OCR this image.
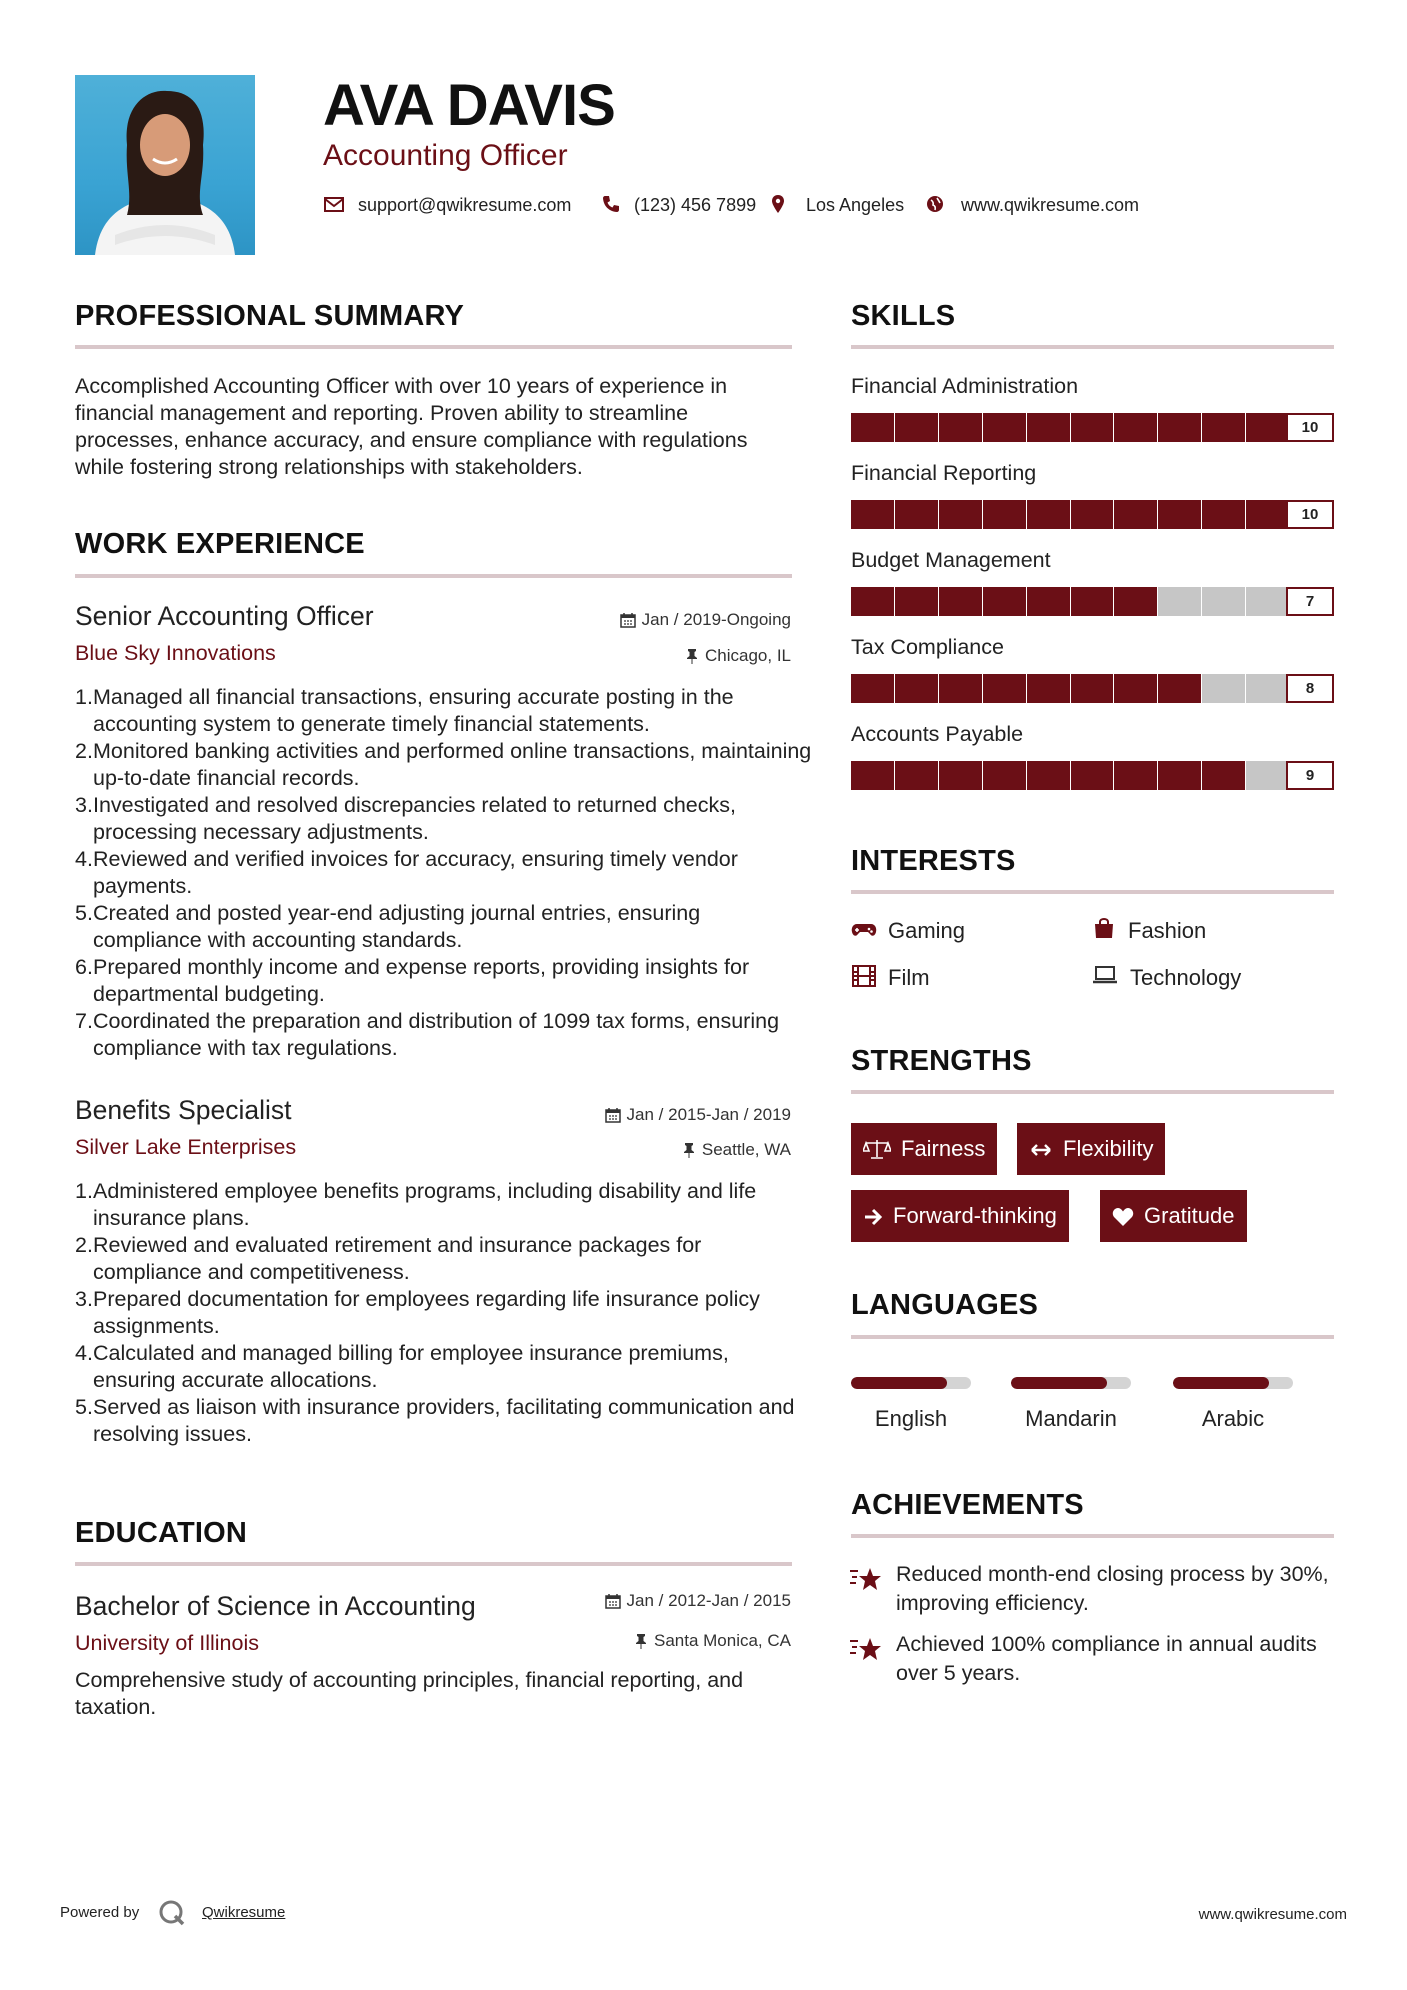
AVA DAVIS
Accounting Officer
support@qwikresume.com	(123) 456 7899	Los Angeles	www.qwikresume.com
PROFESSIONAL SUMMARY
Accomplished Accounting Officer with over 10 years of experience in financial management and reporting. Proven ability to streamline processes, enhance accuracy, and ensure compliance with regulations while fostering strong relationships with stakeholders.
WORK EXPERIENCE
Senior Accounting Officer
Blue Sky Innovations
Jan / 2019-Ongoing
Chicago, IL
Managed all financial transactions, ensuring accurate posting in the accounting system to generate timely financial statements.
Monitored banking activities and performed online transactions, maintaining up-to-date financial records.
Investigated and resolved discrepancies related to returned checks, processing necessary adjustments.
Reviewed and verified invoices for accuracy, ensuring timely vendor payments.
Created and posted year-end adjusting journal entries, ensuring compliance with accounting standards.
Prepared monthly income and expense reports, providing insights for departmental budgeting.
Coordinated the preparation and distribution of 1099 tax forms, ensuring compliance with tax regulations.
Benefits Specialist
Silver Lake Enterprises
Jan / 2015-Jan / 2019
Seattle, WA
Administered employee benefits programs, including disability and life insurance plans.
Reviewed and evaluated retirement and insurance packages for compliance and competitiveness.
Prepared documentation for employees regarding life insurance policy assignments.
Calculated and managed billing for employee insurance premiums, ensuring accurate allocations.
Served as liaison with insurance providers, facilitating communication and resolving issues.
EDUCATION
Bachelor of Science in Accounting
University of Illinois
Jan / 2012-Jan / 2015
Santa Monica, CA
Comprehensive study of accounting principles, financial reporting, and taxation.
SKILLS
Financial Administration
10
Financial Reporting
10
Budget Management
7
Tax Compliance
8
Accounts Payable
9
INTERESTS
Gaming	Fashion
Film	Technology
STRENGTHS
Fairness	Flexibility
Forward-thinking	Gratitude
LANGUAGES
English	Mandarin	Arabic
ACHIEVEMENTS
Reduced month-end closing process by 30%, improving efficiency.
Achieved 100% compliance in annual audits over 5 years.
Powered by	Qwikresume	www.qwikresume.com
